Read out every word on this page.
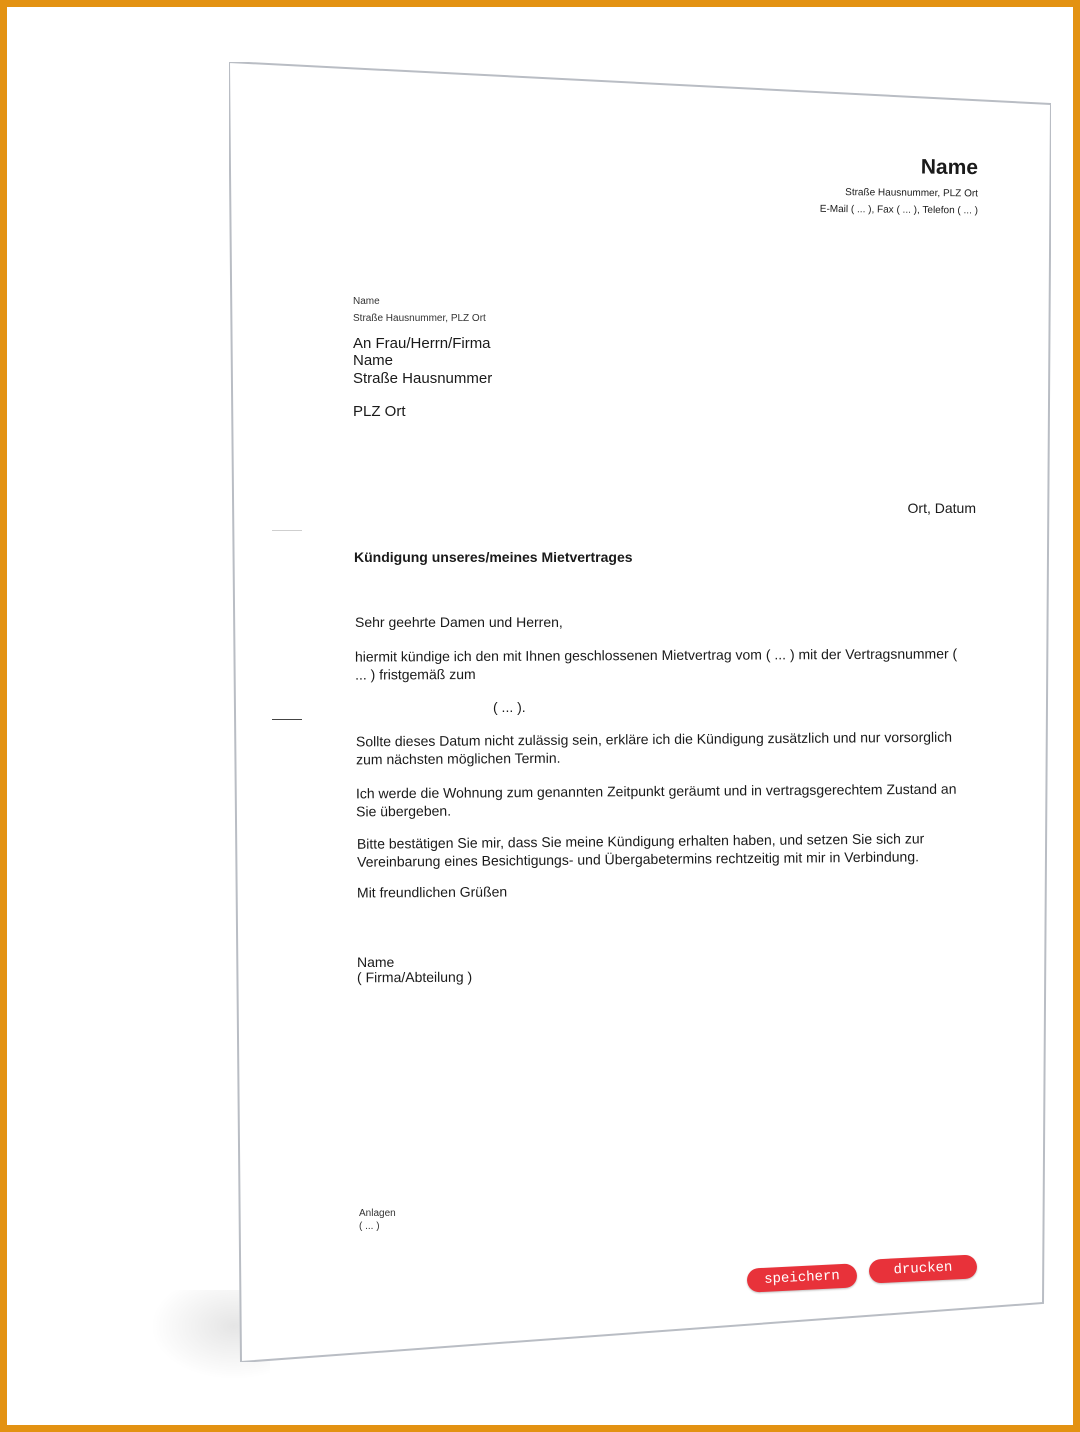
Name
Straße Hausnummer, PLZ Ort
E-Mail ( ... ), Fax ( ... ), Telefon ( ... )
Name
Straße Hausnummer, PLZ Ort
An Frau/Herrn/Firma
Name
Straße Hausnummer
PLZ Ort
Ort, Datum
Kündigung unseres/meines Mietvertrages
Sehr geehrte Damen und Herren,
hiermit kündige ich den mit Ihnen geschlossenen Mietvertrag vom ( ... ) mit der Vertragsnummer ( ... ) fristgemäß zum
( ... ).
Sollte dieses Datum nicht zulässig sein, erkläre ich die Kündigung zusätzlich und nur vorsorglich zum nächsten möglichen Termin.
Ich werde die Wohnung zum genannten Zeitpunkt geräumt und in vertragsgerechtem Zustand an Sie übergeben.
Bitte bestätigen Sie mir, dass Sie meine Kündigung erhalten haben, und setzen Sie sich zur Vereinbarung eines Besichtigungs- und Übergabetermins rechtzeitig mit mir in Verbindung.
Mit freundlichen Grüßen
Name
( Firma/Abteilung )
Anlagen
( ... )
speichern	drucken
